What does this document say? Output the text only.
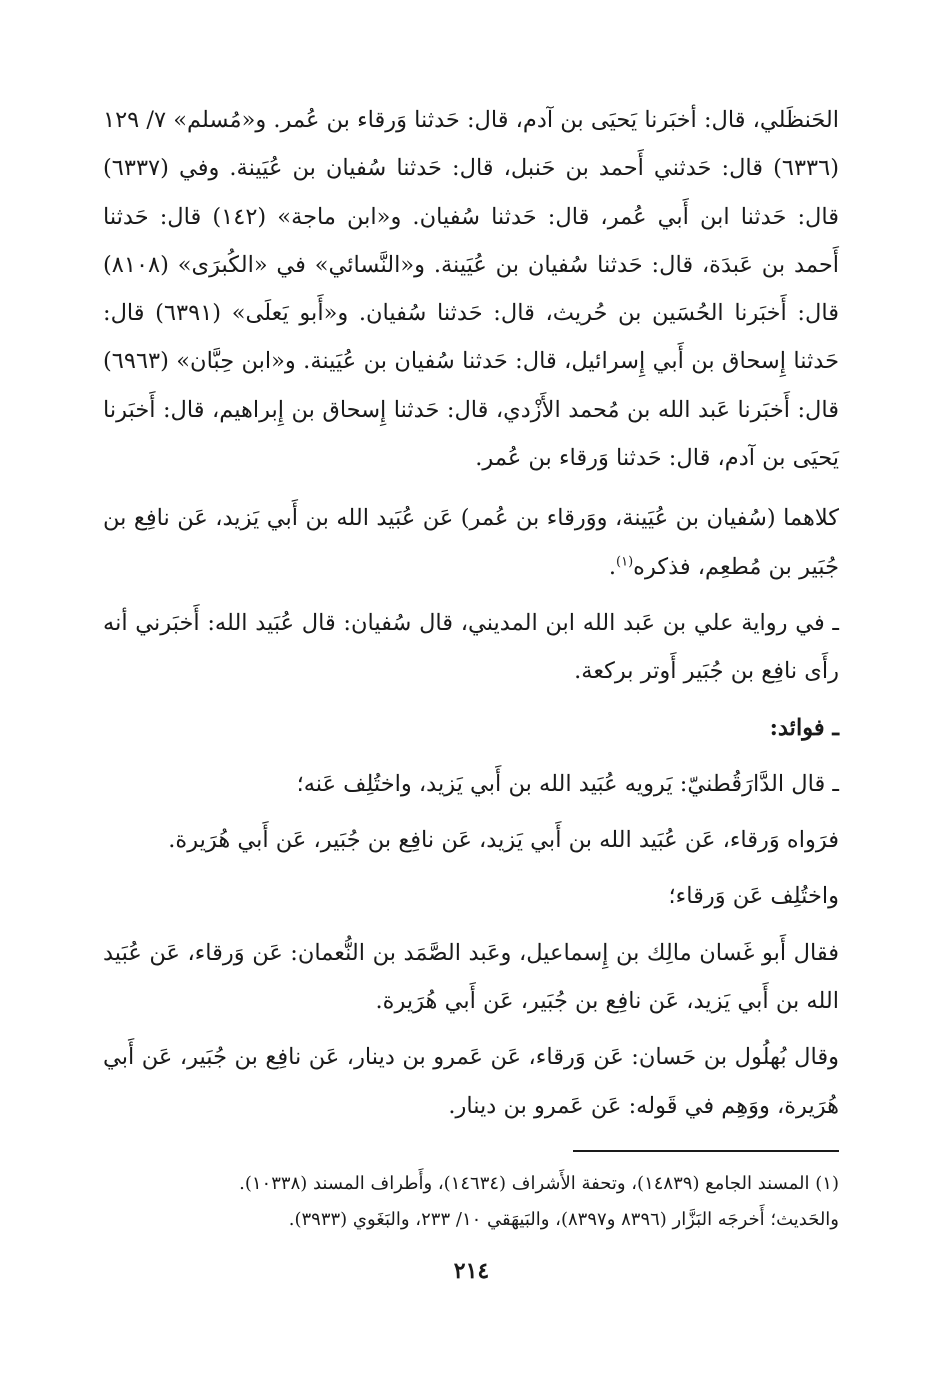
الحَنظَلي، قال: أخبَرنا يَحيَى بن آدم، قال: حَدثنا وَرقاء بن عُمر. و«مُسلم» ٧/ ١٢٩ (٦٣٣٦) قال: حَدثني أَحمد بن حَنبل، قال: حَدثنا سُفيان بن عُيَينة. وفي (٦٣٣٧) قال: حَدثنا ابن أَبي عُمر، قال: حَدثنا سُفيان. و«ابن ماجة» (١٤٢) قال: حَدثنا أَحمد بن عَبدَة، قال: حَدثنا سُفيان بن عُيَينة. و«النَّسائي» في «الكُبرَى» (٨١٠٨) قال: أَخبَرنا الحُسَين بن حُريث، قال: حَدثنا سُفيان. و«أَبو يَعلَى» (٦٣٩١) قال: حَدثنا إِسحاق بن أَبي إِسرائيل، قال: حَدثنا سُفيان بن عُيَينة. و«ابن حِبَّان» (٦٩٦٣) قال: أَخبَرنا عَبد الله بن مُحمد الأَزْدي، قال: حَدثنا إِسحاق بن إِبراهيم، قال: أَخبَرنا يَحيَى بن آدم، قال: حَدثنا وَرقاء بن عُمر.

كلاهما (سُفيان بن عُيَينة، ووَرقاء بن عُمر) عَن عُبَيد الله بن أَبي يَزيد، عَن نافِع بن جُبَير بن مُطعِم، فذكره$^{(١)}$.

ـ في رواية علي بن عَبد الله ابن المديني، قال سُفيان: قال عُبَيد الله: أَخبَرني أنه رأَى نافِع بن جُبَير أَوتر بركعة.

ـ فوائد:

ـ قال الدَّارَقُطنيّ: يَرويه عُبَيد الله بن أَبي يَزيد، واختُلِف عَنه؛

فرَواه وَرقاء، عَن عُبَيد الله بن أَبي يَزيد، عَن نافِع بن جُبَير، عَن أَبي هُرَيرة.

واختُلِف عَن وَرقاء؛

فقال أَبو غَسان مالِك بن إِسماعيل، وعَبد الصَّمَد بن النُّعمان: عَن وَرقاء، عَن عُبَيد الله بن أَبي يَزيد، عَن نافِع بن جُبَير، عَن أَبي هُرَيرة.

وقال بُهلُول بن حَسان: عَن وَرقاء، عَن عَمرو بن دينار، عَن نافِع بن جُبَير، عَن أَبي هُرَيرة، ووَهِم في قَوله: عَن عَمرو بن دينار.

(١) المسند الجامع (١٤٨٣٩)، وتحفة الأَشراف (١٤٦٣٤)، وأَطراف المسند (١٠٣٣٨).

والحَديث؛ أَخرجَه البَزَّار (٨٣٩٦ و٨٣٩٧)، والبَيهَقي ١٠/ ٢٣٣، والبَغَوي (٣٩٣٣).

٢١٤
